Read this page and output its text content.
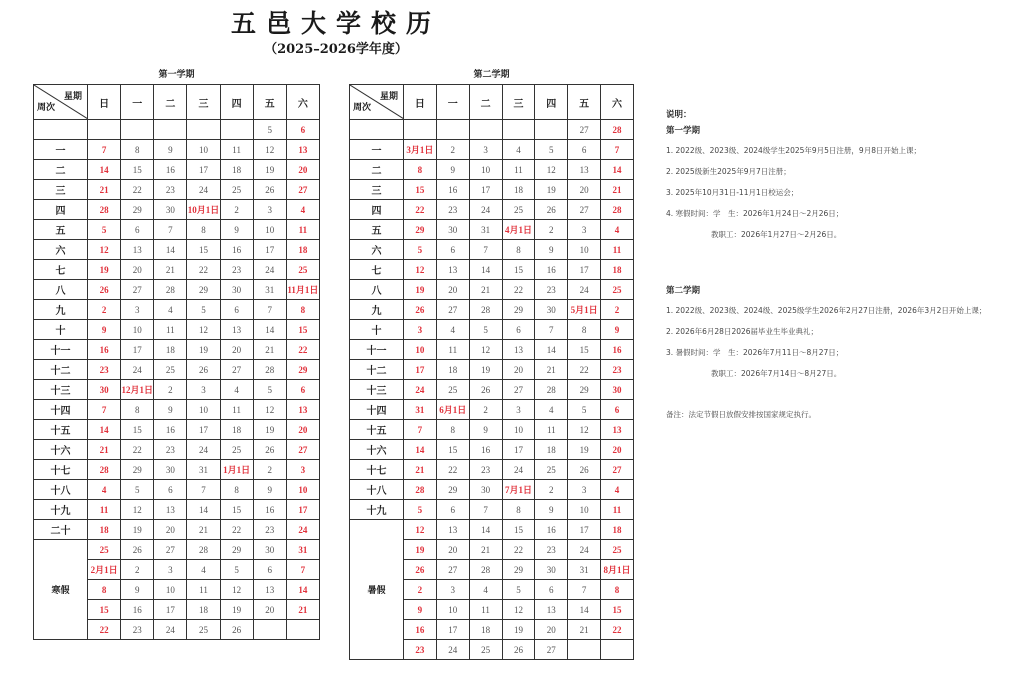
五邑大学校历
（2025–2026学年度）
第一学期	第二学期
星期
周次	日	一	二	三	四	五	六
						5	6
一	7	8	9	10	11	12	13
二	14	15	16	17	18	19	20
三	21	22	23	24	25	26	27
四	28	29	30	10月1日	2	3	4
五	5	6	7	8	9	10	11
六	12	13	14	15	16	17	18
七	19	20	21	22	23	24	25
八	26	27	28	29	30	31	11月1日
九	2	3	4	5	6	7	8
十	9	10	11	12	13	14	15
十一	16	17	18	19	20	21	22
十二	23	24	25	26	27	28	29
十三	30	12月1日	2	3	4	5	6
十四	7	8	9	10	11	12	13
十五	14	15	16	17	18	19	20
十六	21	22	23	24	25	26	27
十七	28	29	30	31	1月1日	2	3
十八	4	5	6	7	8	9	10
十九	11	12	13	14	15	16	17
二十	18	19	20	21	22	23	24
寒假	25	26	27	28	29	30	31
	2月1日	2	3	4	5	6	7
	8	9	10	11	12	13	14
	15	16	17	18	19	20	21
	22	23	24	25	26		
星期
周次	日	一	二	三	四	五	六
						27	28
一	3月1日	2	3	4	5	6	7
二	8	9	10	11	12	13	14
三	15	16	17	18	19	20	21
四	22	23	24	25	26	27	28
五	29	30	31	4月1日	2	3	4
六	5	6	7	8	9	10	11
七	12	13	14	15	16	17	18
八	19	20	21	22	23	24	25
九	26	27	28	29	30	5月1日	2
十	3	4	5	6	7	8	9
十一	10	11	12	13	14	15	16
十二	17	18	19	20	21	22	23
十三	24	25	26	27	28	29	30
十四	31	6月1日	2	3	4	5	6
十五	7	8	9	10	11	12	13
十六	14	15	16	17	18	19	20
十七	21	22	23	24	25	26	27
十八	28	29	30	7月1日	2	3	4
十九	5	6	7	8	9	10	11
暑假	12	13	14	15	16	17	18
	19	20	21	22	23	24	25
	26	27	28	29	30	31	8月1日
	2	3	4	5	6	7	8
	9	10	11	12	13	14	15
	16	17	18	19	20	21	22
	23	24	25	26	27		
说明：
第一学期
1. 2022级、2023级、2024级学生2025年9月5日注册，9月8日开始上课；
2. 2025级新生2025年9月7日注册；
3. 2025年10月31日-11月1日校运会；
4. 寒假时间：学　生：2026年1月24日～2月26日；
　　　　　　教职工：2026年1月27日～2月26日。
第二学期
1. 2022级、2023级、2024级、2025级学生2026年2月27日注册，2026年3月2日开始上课；
2. 2026年6月28日2026届毕业生毕业典礼；
3. 暑假时间：学　生：2026年7月11日～8月27日；
　　　　　　教职工：2026年7月14日～8月27日。
备注：法定节假日放假安排按国家规定执行。
